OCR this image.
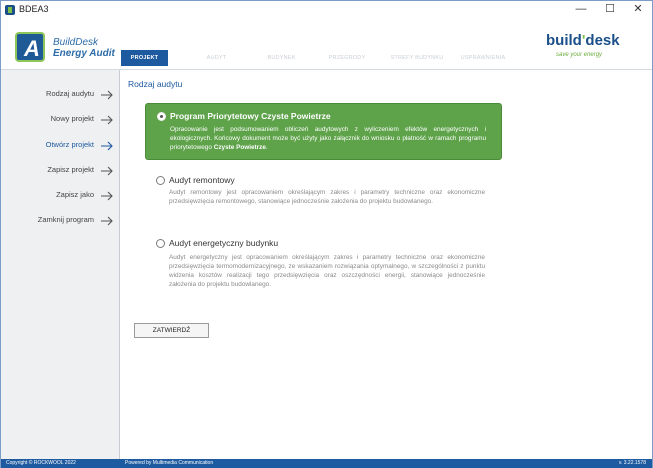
BDEA3	—	☐	✕
A BuildDesk
Energy Audit	PROJEKT	AUDYT	BUDYNEK	PRZEGRODY	STREFY BUDYNKU	USPRAWNIENIA
build'desk
save your energy
Rodzaj audytu
Nowy projekt
Otwórz projekt
Zapisz projekt
Zapisz jako
Zamknij program
Rodzaj audytu
Program Priorytetowy Czyste Powietrze
Opracowanie jest podsumowaniem obliczeń audytowych z wyliczeniem efektów energetycznych i ekologicznych. Końcowy dokument może być użyty jako załącznik do wniosku o płatność w ramach programu priorytetowego Czyste Powietrze.
Audyt remontowy
Audyt remontowy jest opracowaniem określającym zakres i parametry techniczne oraz ekonomiczne przedsięwzięcia remontowego, stanowiące jednocześnie założenia do projektu budowlanego.
Audyt energetyczny budynku
Audyt energetyczny jest opracowaniem określającym zakres i parametry techniczne oraz ekonomiczne przedsięwzięcia termomodernizacyjnego, ze wskazaniem rozwiązania optymalnego, w szczególności z punktu widzenia kosztów realizacji tego przedsięwzięcia oraz oszczędności energii, stanowiące jednocześnie założenia do projektu budowlanego.
ZATWIERDŹ
Copyright © ROCKWOOL 2022	Powered by Multimedia Communication	v. 3.22.1578
